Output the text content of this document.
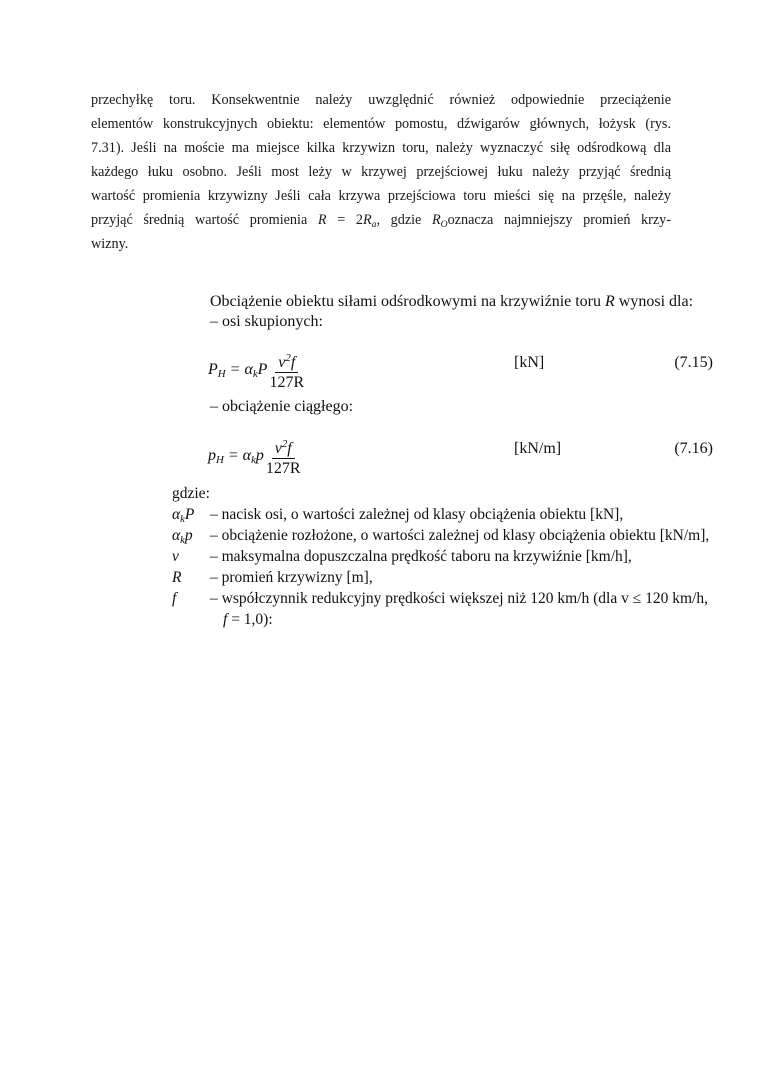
przechyłkę toru. Konsekwentnie należy uwzględnić również odpowiednie przeciążenie
elementów konstrukcyjnych obiektu: elementów pomostu, dźwigarów głównych, łożysk (rys.
7.31). Jeśli na moście ma miejsce kilka krzywizn toru, należy wyznaczyć siłę odśrodkową dla
każdego łuku osobno. Jeśli most leży w krzywej przejściowej łuku należy przyjąć średnią
wartość promienia krzywizny Jeśli cała krzywa przejściowa toru mieści się na przęśle, należy
przyjąć średnią wartość promienia $R = 2R_a$, gdzie $R_Ooznacza$ najmniejszy promień krzy-
wizny.
Obciążenie obiektu siłami odśrodkowymi na krzywiźnie toru R wynosi dla:
– osi skupionych:
$P_H = \alpha_kP \frac{v^2f}{127R}$	[kN]	(7.15)
– obciążenie ciągłego:
$p_H = \alpha_kp \frac{v^2f}{127R}$	[kN/m]	(7.16)
gdzie:
$\alpha_kP$ – nacisk osi, o wartości zależnej od klasy obciążenia obiektu [kN],
$\alpha_kp$ – obciążenie rozłożone, o wartości zależnej od klasy obciążenia obiektu [kN/m],
v – maksymalna dopuszczalna prędkość taboru na krzywiźnie [km/h],
R – promień krzywizny [m],
f – współczynnik redukcyjny prędkości większej niż 120 km/h (dla v ≤ 120 km/h,
f = 1,0):
